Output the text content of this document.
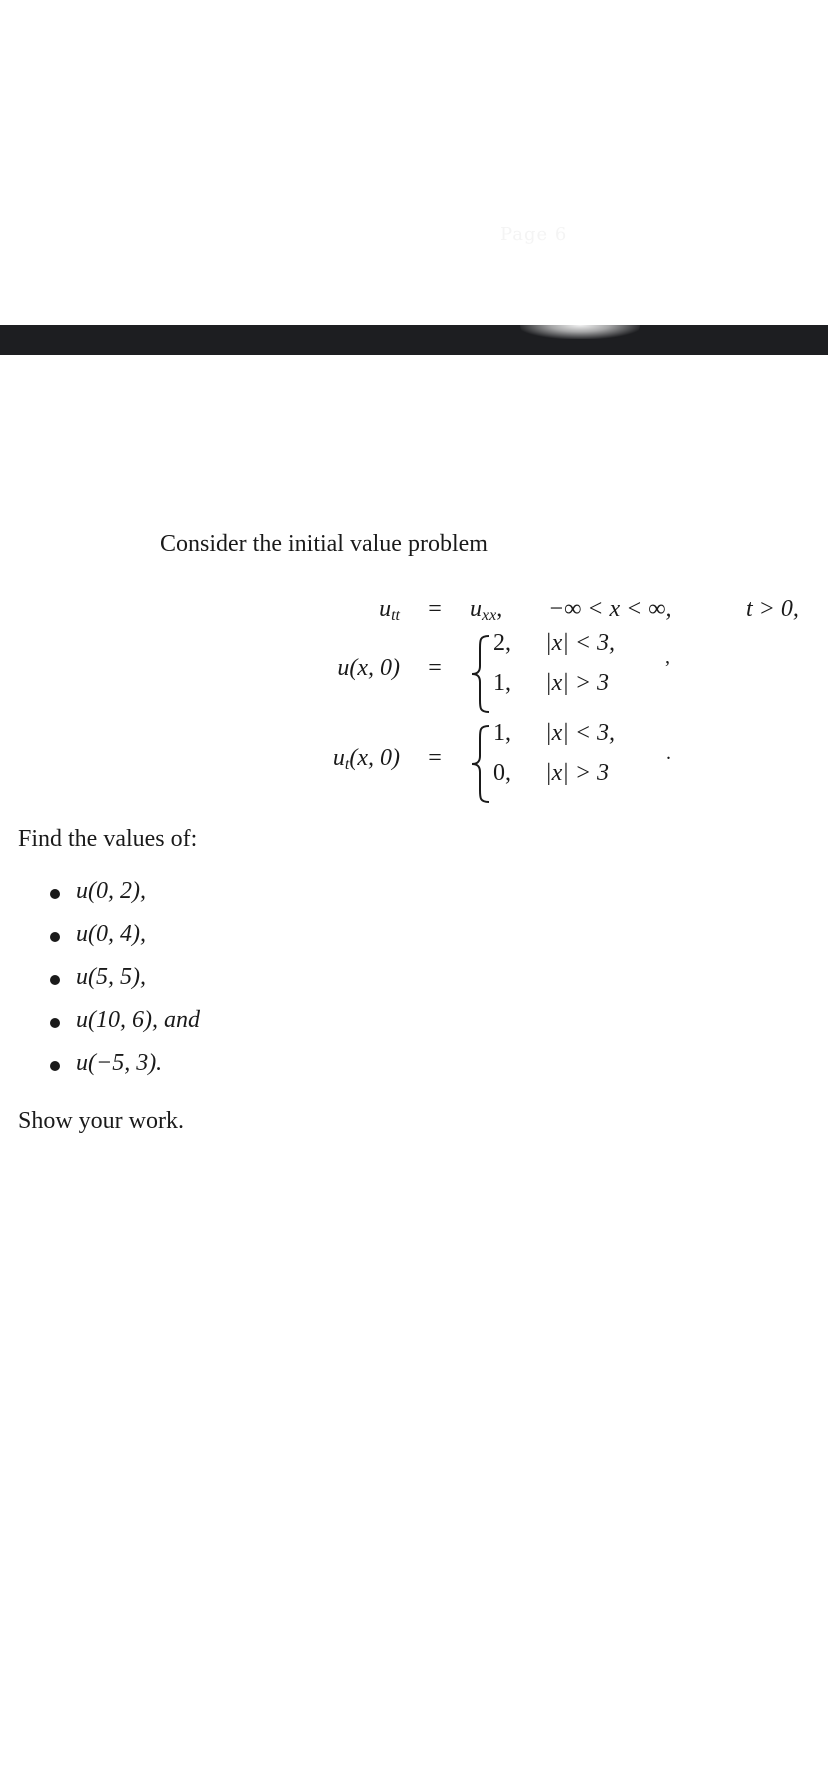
Page 6
Consider the initial value problem
$u_{tt} = u_{xx}$, −∞ < x < ∞,	t > 0,
u(x, 0) =
2, |x| < 3,
1, |x| > 3
,
$u_t(x$, 0) =
1, |x| < 3,
0, |x| > 3
.
Find the values of:
u(0, 2),
u(0, 4),
u(5, 5),
u(10, 6), and
u(−5, 3).
Show your work.
